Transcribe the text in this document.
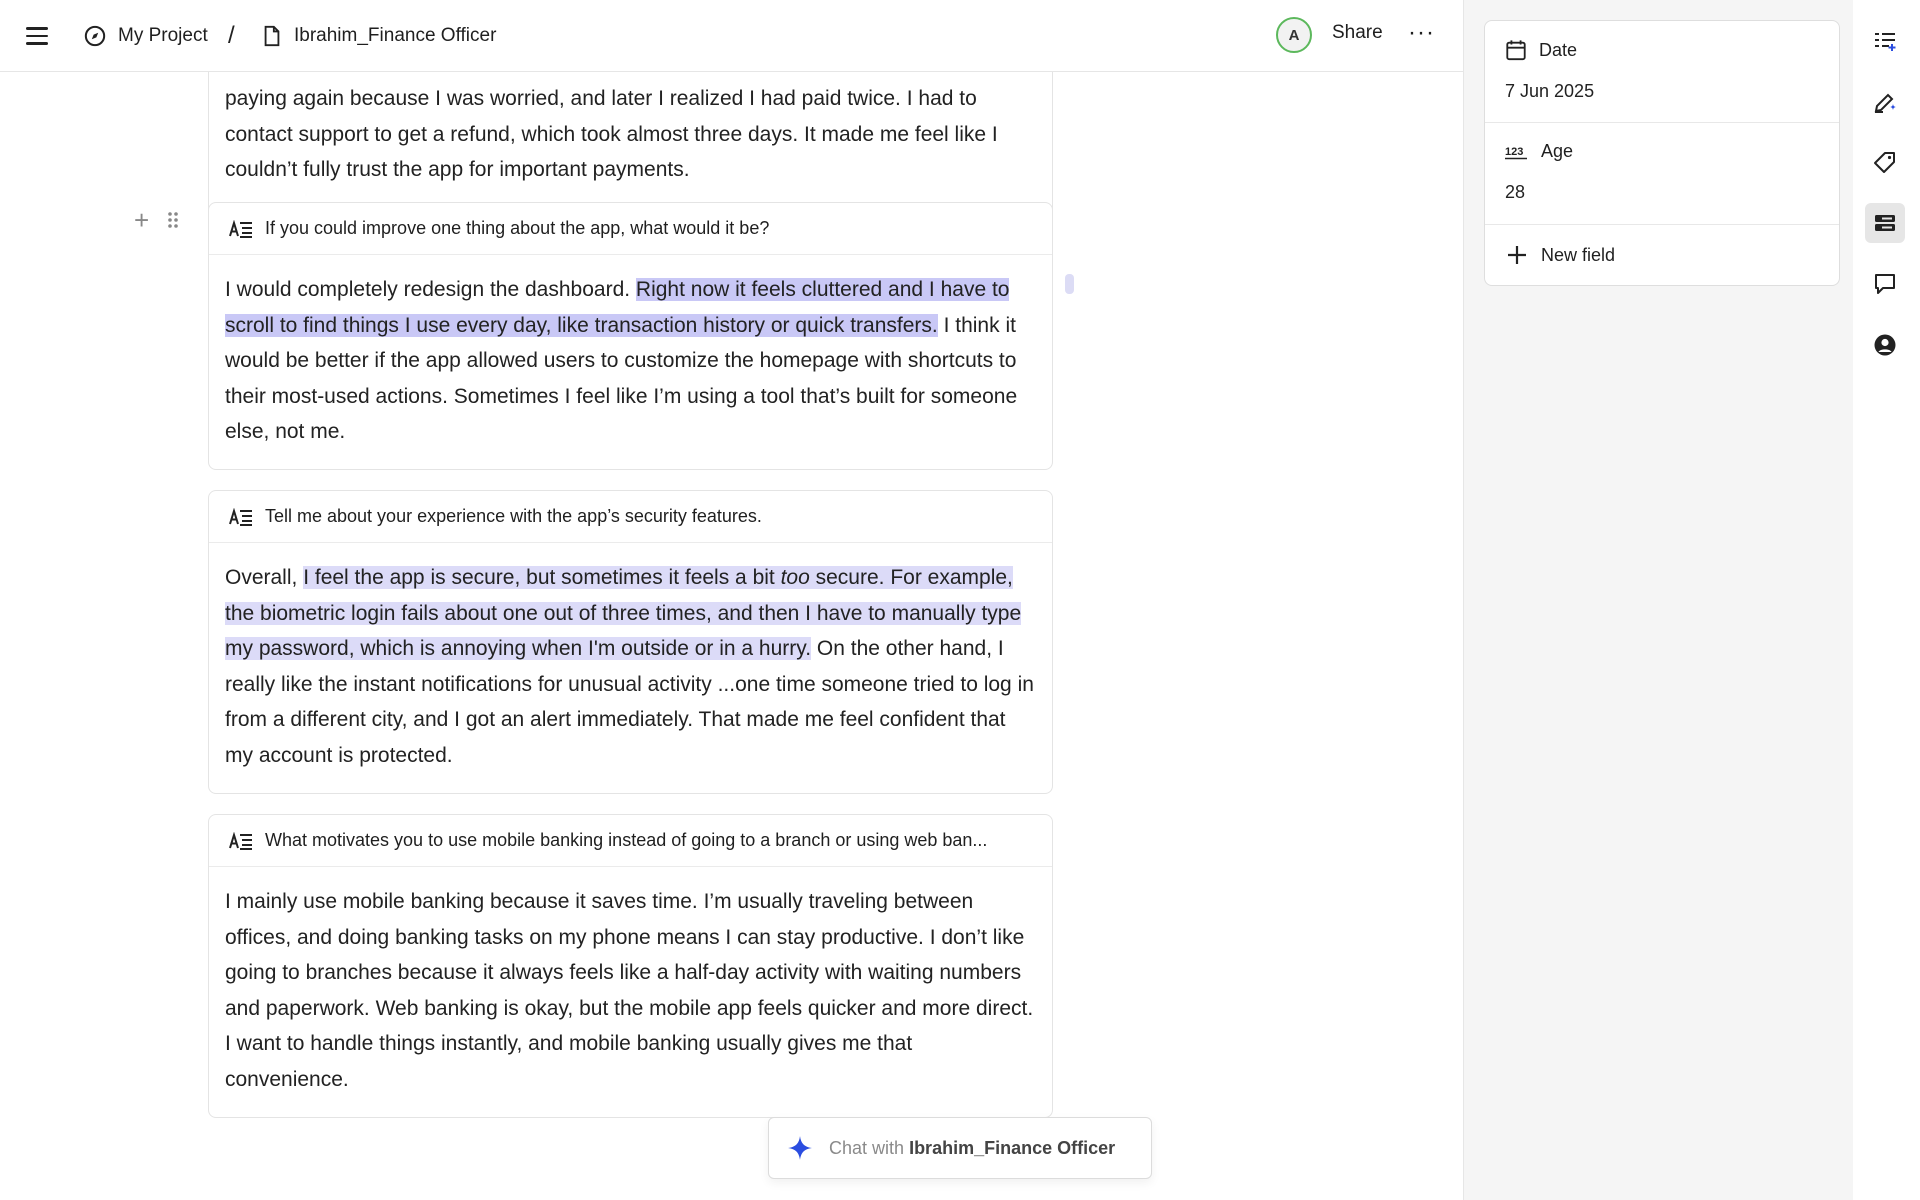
My Project /	Ibrahim_Finance Officer	A	Share ···
paying again because I was worried, and later I realized I had paid twice. I had to contact support to get a refund, which took almost three days. It made me feel like I couldn’t fully trust the app for important payments.
+	If you could improve one thing about the app, what would it be?
I would completely redesign the dashboard. Right now it feels cluttered and I have to scroll to find things I use every day, like transaction history or quick transfers. I think it would be better if the app allowed users to customize the homepage with shortcuts to their most-used actions. Sometimes I feel like I’m using a tool that’s built for someone else, not me.
Tell me about your experience with the app’s security features.
Overall, I feel the app is secure, but sometimes it feels a bit too secure. For example, the biometric login fails about one out of three times, and then I have to manually type my password, which is annoying when I'm outside or in a hurry. On the other hand, I really like the instant notifications for unusual activity ...one time someone tried to log in from a different city, and I got an alert immediately. That made me feel confident that my account is protected.
What motivates you to use mobile banking instead of going to a branch or using web ban...
I mainly use mobile banking because it saves time. I’m usually traveling between offices, and doing banking tasks on my phone means I can stay productive. I don’t like going to branches because it always feels like a half-day activity with waiting numbers and paperwork. Web banking is okay, but the mobile app feels quicker and more direct. I want to handle things instantly, and mobile banking usually gives me that convenience.
Chat with Ibrahim_Finance Officer
Date
7 Jun 2025
123 Age
28
New field
